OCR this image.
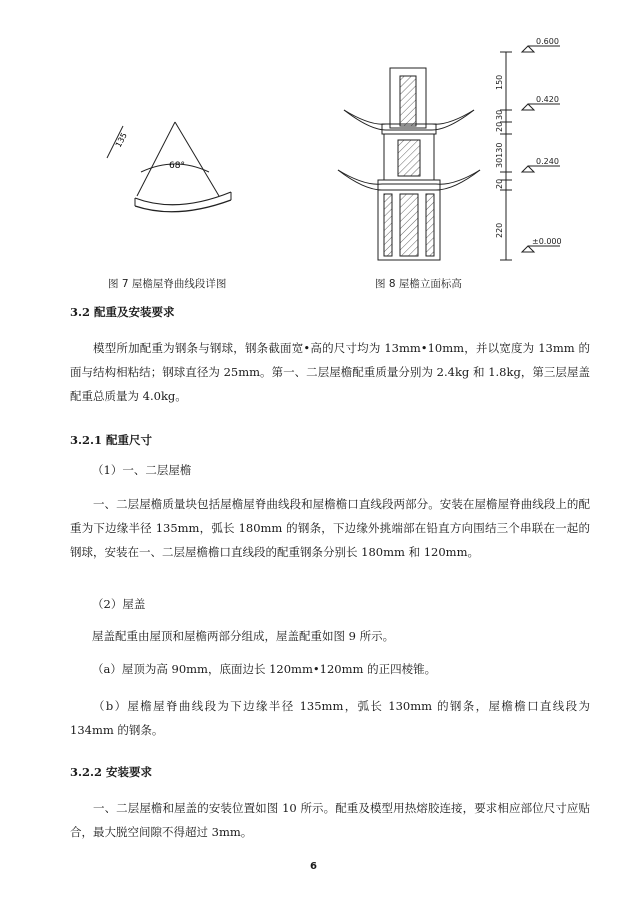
135
68°
图 7 屋檐屋脊曲线段详图
150
30
20
30130
20
220
0.600
0.420
0.240
±0.000
图 8 屋檐立面标高
3.2 配重及安装要求
模型所加配重为钢条与钢球，钢条截面宽•高的尺寸均为 13mm•10mm，并以宽度为 13mm 的面与结构相粘结；钢球直径为 25mm。第一、二层屋檐配重质量分别为 2.4kg 和 1.8kg，第三层屋盖配重总质量为 4.0kg。
3.2.1 配重尺寸
（1）一、二层屋檐
一、二层屋檐质量块包括屋檐屋脊曲线段和屋檐檐口直线段两部分。安装在屋檐屋脊曲线段上的配重为下边缘半径 135mm，弧长 180mm 的钢条，下边缘外挑端部在铅直方向围结三个串联在一起的钢球，安装在一、二层屋檐檐口直线段的配重钢条分别长 180mm 和 120mm。
（2）屋盖
屋盖配重由屋顶和屋檐两部分组成，屋盖配重如图 9 所示。
（a）屋顶为高 90mm，底面边长 120mm•120mm 的正四棱锥。
（b）屋檐屋脊曲线段为下边缘半径 135mm，弧长 130mm 的钢条，屋檐檐口直线段为 134mm 的钢条。
3.2.2 安装要求
一、二层屋檐和屋盖的安装位置如图 10 所示。配重及模型用热熔胶连接，要求相应部位尺寸应贴合，最大脱空间隙不得超过 3mm。
6
